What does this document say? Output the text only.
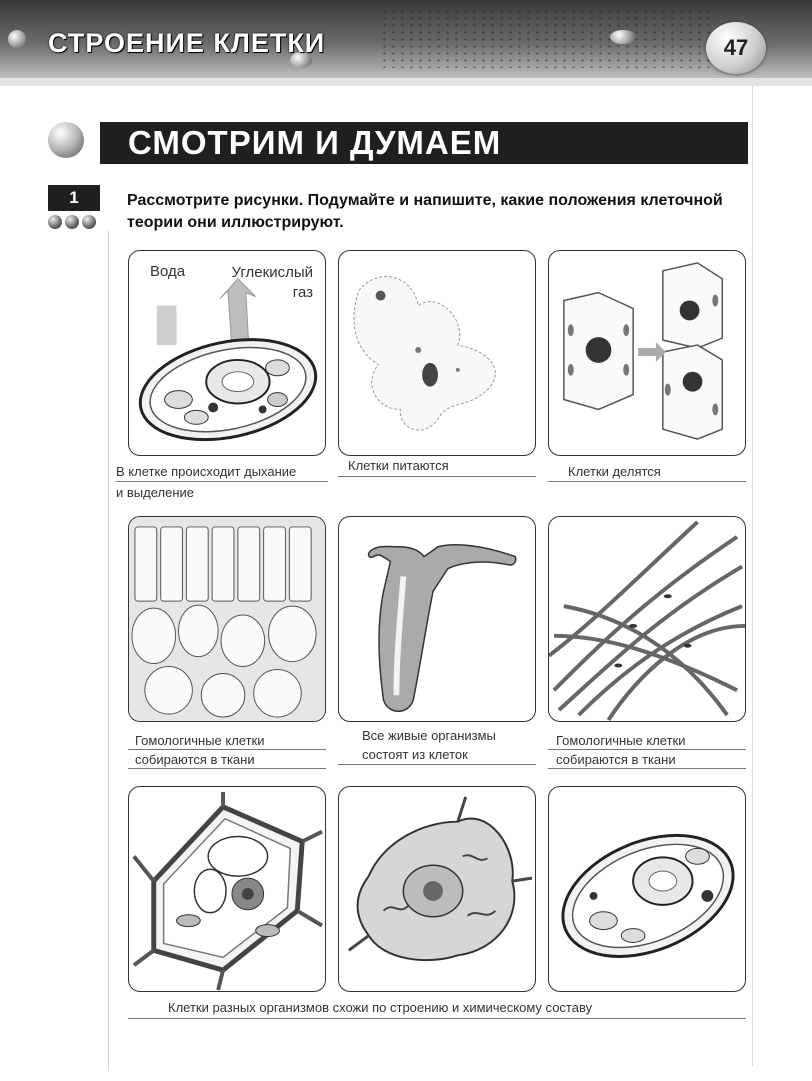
СТРОЕНИЕ КЛЕТКИ	47
СМОТРИМ И ДУМАЕМ
1	Рассмотрите рисунки. Подумайте и напишите, какие положения клеточной теории они иллюстрируют.
Вода	Углекислый газ
В клетке происходит дыхание
и выделение
Клетки питаются	Клетки делятся
Гомологичные клетки
собираются в ткани
Все живые организмы
состоят из клеток
Гомологичные клетки
собираются в ткани
Клетки разных организмов схожи по строению и химическому составу
